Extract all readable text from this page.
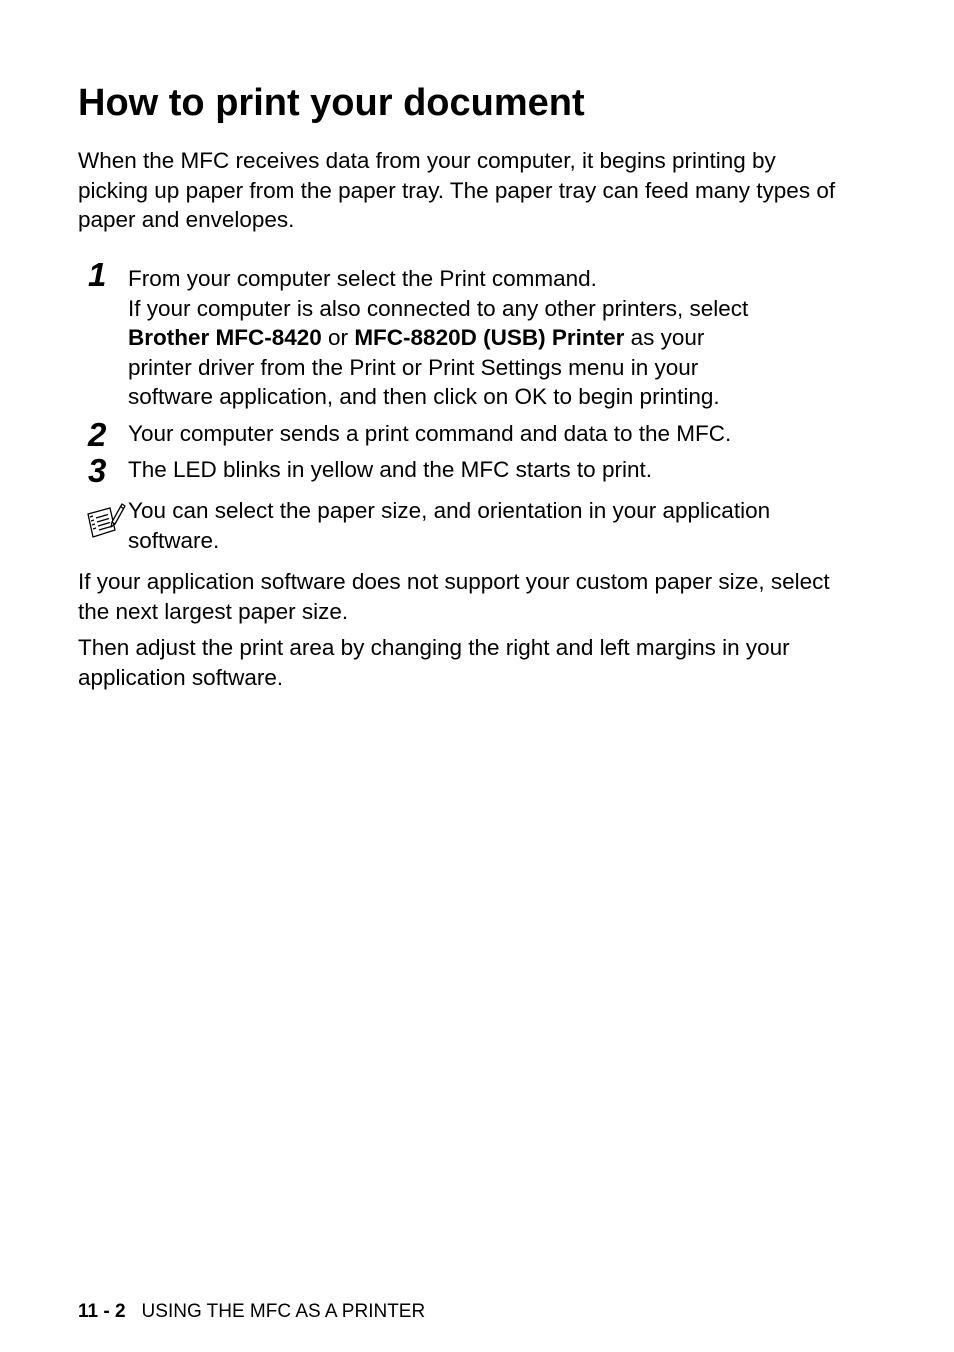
How to print your document

When the MFC receives data from your computer, it begins printing by picking up paper from the paper tray. The paper tray can feed many types of paper and envelopes.

1 From your computer select the Print command.
If your computer is also connected to any other printers, select
Brother MFC-8420 or MFC-8820D (USB) Printer as your
printer driver from the Print or Print Settings menu in your
software application, and then click on OK to begin printing.
2 Your computer sends a print command and data to the MFC.

3 The LED blinks in yellow and the MFC starts to print.

You can select the paper size, and orientation in your application software.

If your application software does not support your custom paper size, select the next largest paper size.

Then adjust the print area by changing the right and left margins in your application software.

11 - 2 USING THE MFC AS A PRINTER
